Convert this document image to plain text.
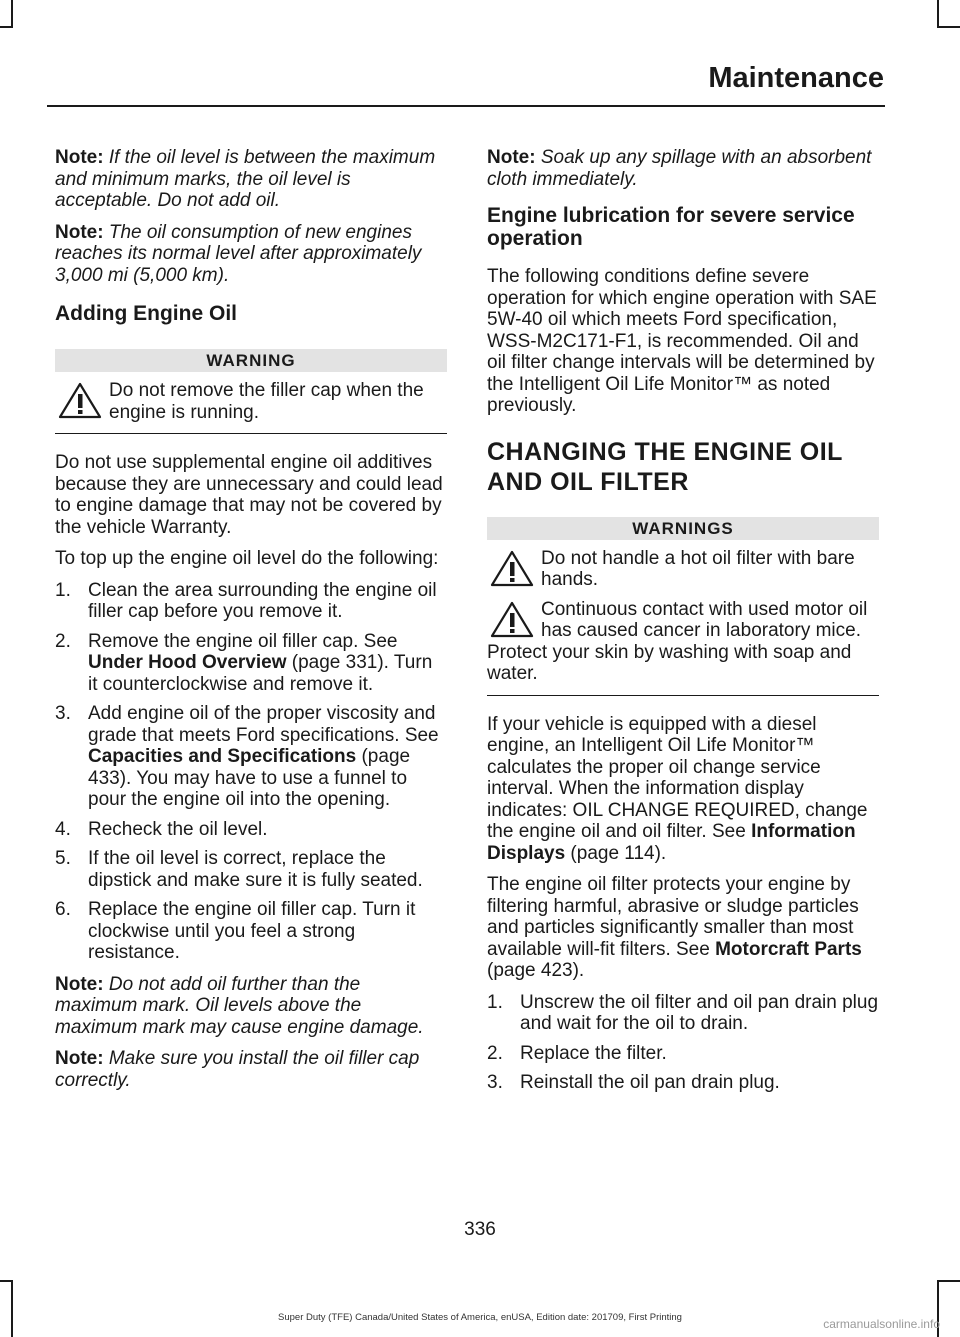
Maintenance

Note: If the oil level is between the maximum and minimum marks, the oil level is acceptable. Do not add oil.

Note: The oil consumption of new engines reaches its normal level after approximately 3,000 mi (5,000 km).

Adding Engine Oil
WARNING
Do not remove the filler cap when the engine is running.

Do not use supplemental engine oil additives because they are unnecessary and could lead to engine damage that may not be covered by the vehicle Warranty.

To top up the engine oil level do the following:

1. Clean the area surrounding the engine oil filler cap before you remove it.
2. Remove the engine oil filler cap. See Under Hood Overview (page 331). Turn it counterclockwise and remove it.
3. Add engine oil of the proper viscosity and grade that meets Ford specifications. See Capacities and Specifications (page 433). You may have to use a funnel to pour the engine oil into the opening.
4. Recheck the oil level.
5. If the oil level is correct, replace the dipstick and make sure it is fully seated.
6. Replace the engine oil filler cap. Turn it clockwise until you feel a strong resistance.

Note: Do not add oil further than the maximum mark. Oil levels above the maximum mark may cause engine damage.

Note: Make sure you install the oil filler cap correctly.

Note: Soak up any spillage with an absorbent cloth immediately.

Engine lubrication for severe service operation

The following conditions define severe operation for which engine operation with SAE 5W-40 oil which meets Ford specification, WSS-M2C171-F1, is recommended. Oil and oil filter change intervals will be determined by the Intelligent Oil Life Monitor™ as noted previously.

CHANGING THE ENGINE OIL AND OIL FILTER
WARNINGS
Do not handle a hot oil filter with bare hands.
Continuous contact with used motor oil has caused cancer in laboratory mice. Protect your skin by washing with soap and water.

If your vehicle is equipped with a diesel engine, an Intelligent Oil Life Monitor™ calculates the proper oil change service interval. When the information display indicates: OIL CHANGE REQUIRED, change the engine oil and oil filter. See Information Displays (page 114).

The engine oil filter protects your engine by filtering harmful, abrasive or sludge particles and particles significantly smaller than most available will-fit filters. See Motorcraft Parts (page 423).

1. Unscrew the oil filter and oil pan drain plug and wait for the oil to drain.
2. Replace the filter.
3. Reinstall the oil pan drain plug.
336
Super Duty (TFE) Canada/United States of America, enUSA, Edition date: 201709, First Printing	carmanualsonline.info
